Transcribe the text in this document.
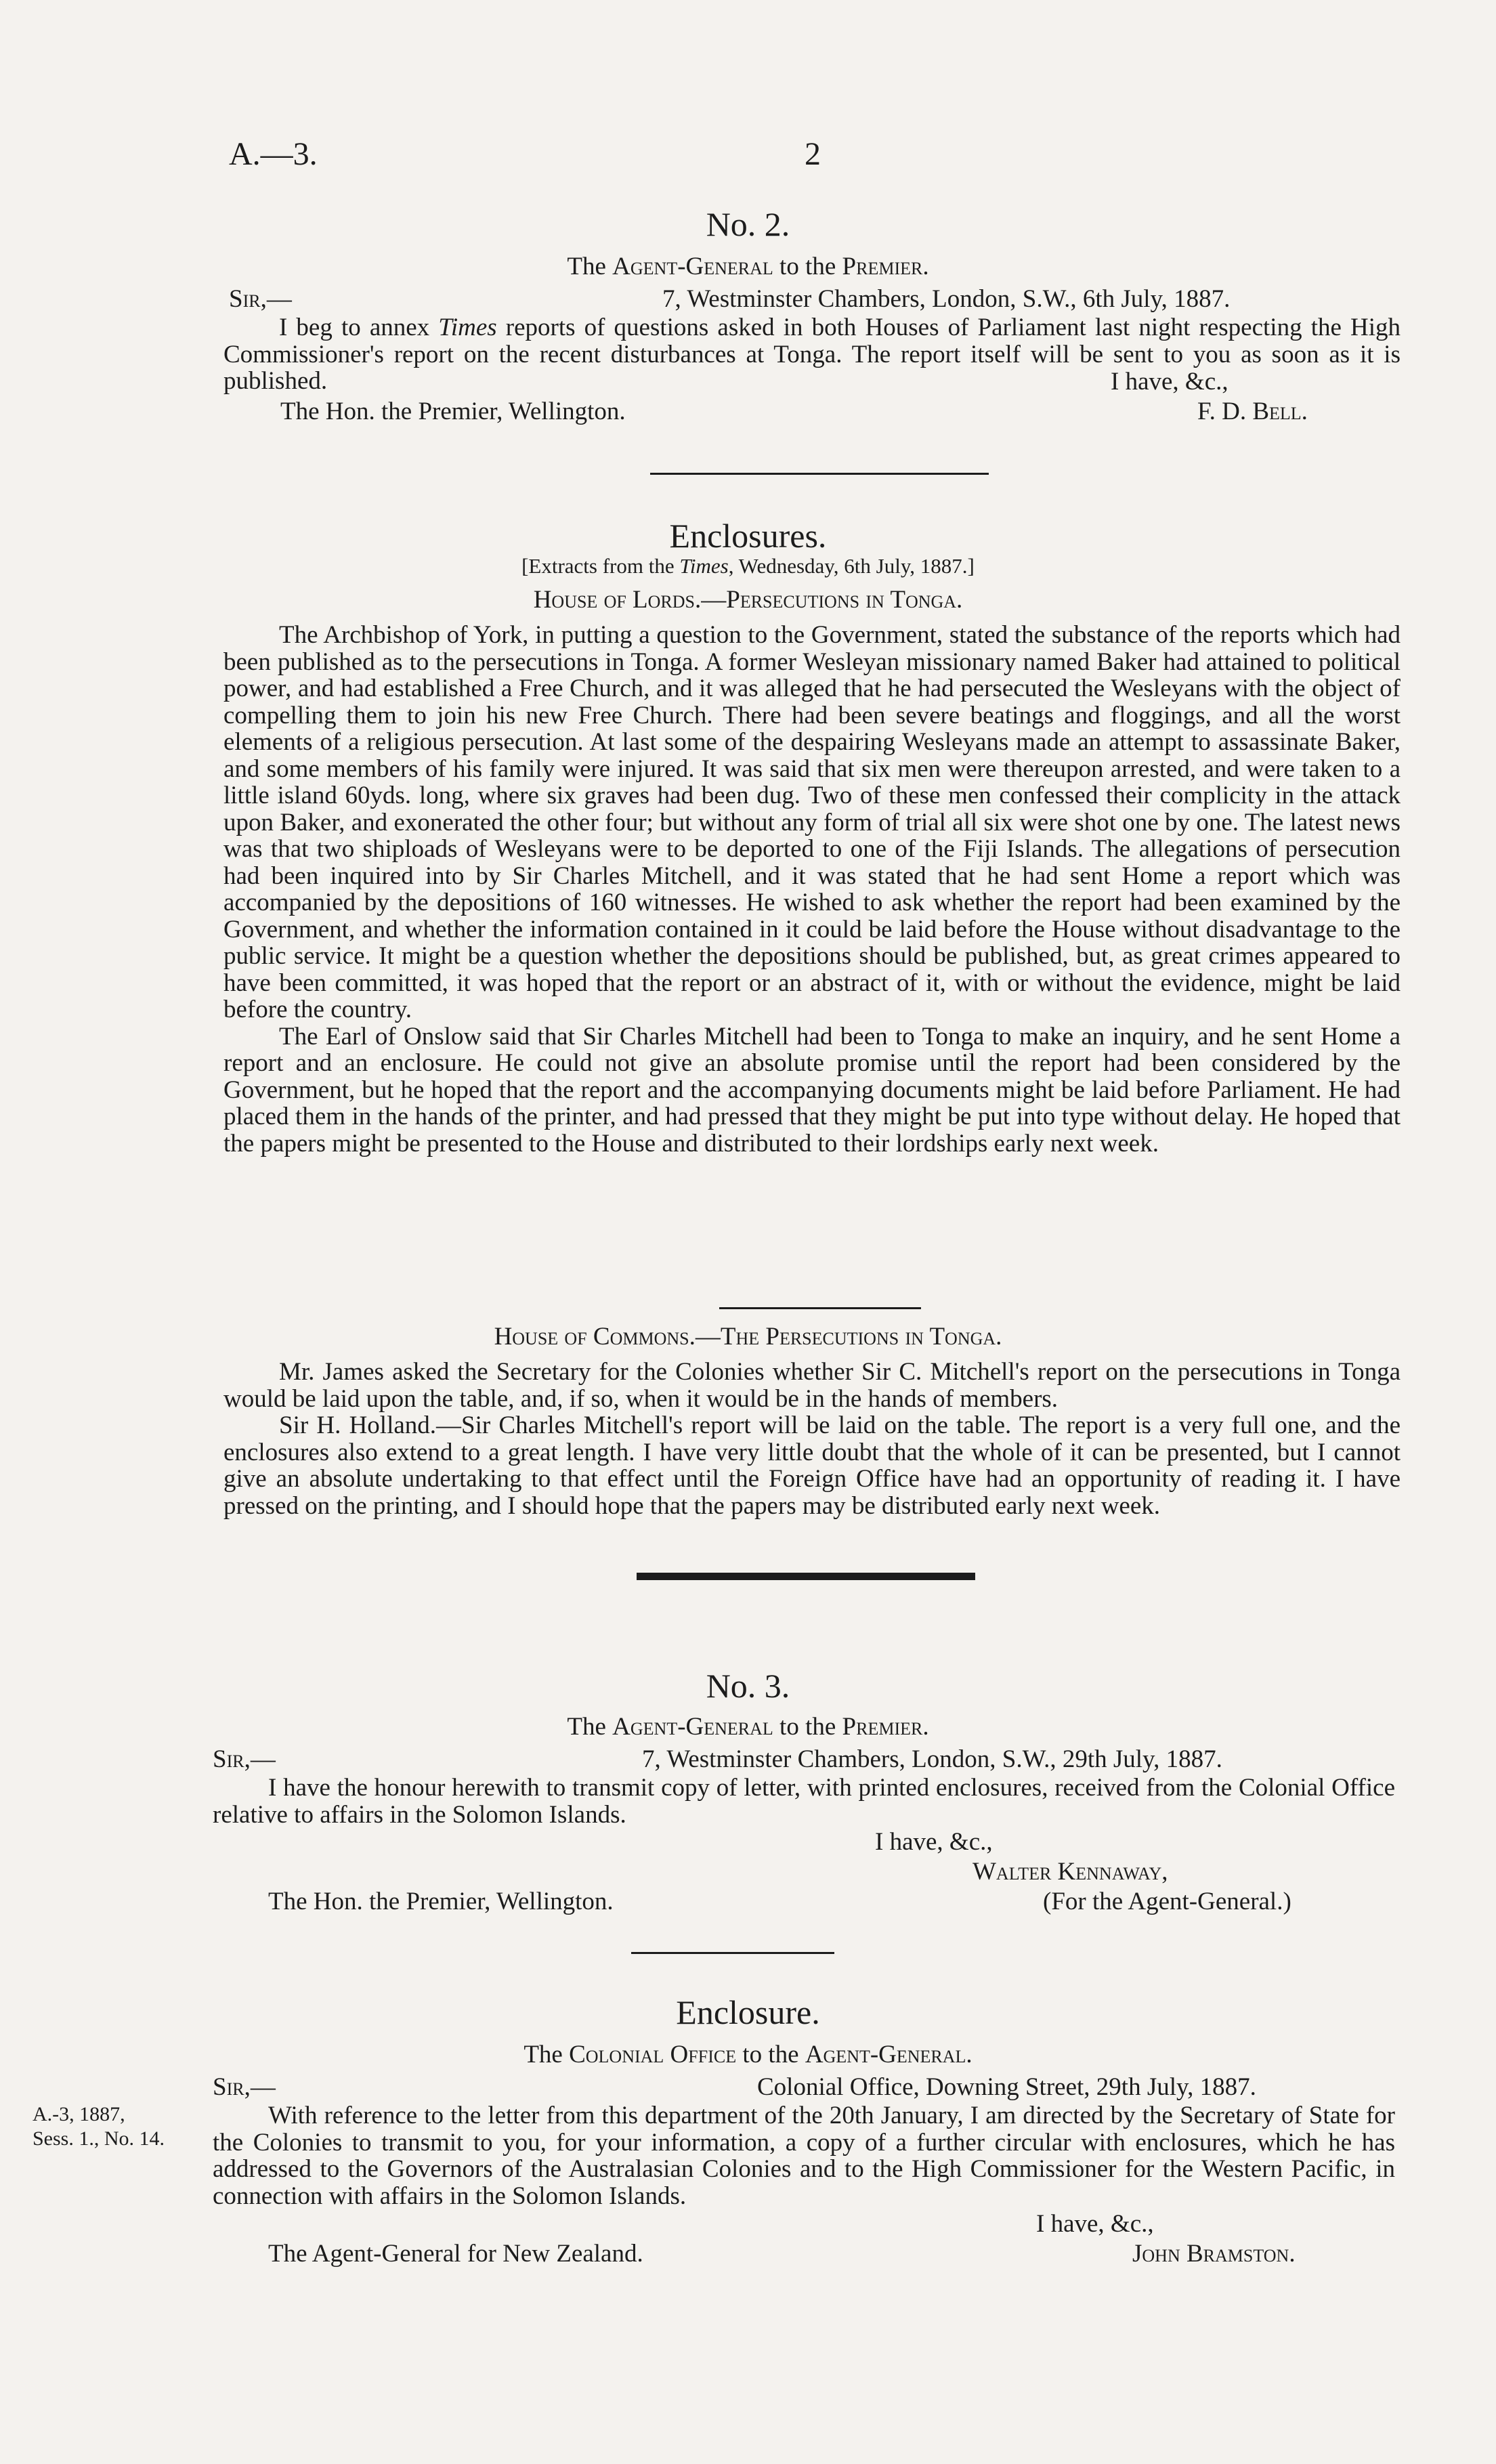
A.—3.	2
No. 2.
The Agent-General to the Premier.
Sir,—	7, Westminster Chambers, London, S.W., 6th July, 1887.

I beg to annex Times reports of questions asked in both Houses of Parliament last night respecting the High Commissioner's report on the recent disturbances at Tonga. The report itself will be sent to you as soon as it is published.	I have, &c.,
The Hon. the Premier, Wellington.	F. D. Bell.
Enclosures.
[Extracts from the Times, Wednesday, 6th July, 1887.]
House of Lords.—Persecutions in Tonga.

The Archbishop of York, in putting a question to the Government, stated the substance of the reports which had been published as to the persecutions in Tonga. A former Wesleyan missionary named Baker had attained to political power, and had established a Free Church, and it was alleged that he had persecuted the Wesleyans with the object of compelling them to join his new Free Church. There had been severe beatings and floggings, and all the worst elements of a religious persecution. At last some of the despairing Wesleyans made an attempt to assassinate Baker, and some members of his family were injured. It was said that six men were thereupon arrested, and were taken to a little island 60yds. long, where six graves had been dug. Two of these men confessed their complicity in the attack upon Baker, and exonerated the other four; but without any form of trial all six were shot one by one. The latest news was that two shiploads of Wesleyans were to be deported to one of the Fiji Islands. The allegations of persecution had been inquired into by Sir Charles Mitchell, and it was stated that he had sent Home a report which was accompanied by the depositions of 160 witnesses. He wished to ask whether the report had been examined by the Government, and whether the information contained in it could be laid before the House without disadvantage to the public service. It might be a question whether the depositions should be published, but, as great crimes appeared to have been committed, it was hoped that the report or an abstract of it, with or without the evidence, might be laid before the country.

The Earl of Onslow said that Sir Charles Mitchell had been to Tonga to make an inquiry, and he sent Home a report and an enclosure. He could not give an absolute promise until the report had been considered by the Government, but he hoped that the report and the accompanying documents might be laid before Parliament. He had placed them in the hands of the printer, and had pressed that they might be put into type without delay. He hoped that the papers might be presented to the House and distributed to their lordships early next week.

House of Commons.—The Persecutions in Tonga.

Mr. James asked the Secretary for the Colonies whether Sir C. Mitchell's report on the persecutions in Tonga would be laid upon the table, and, if so, when it would be in the hands of members.

Sir H. Holland.—Sir Charles Mitchell's report will be laid on the table. The report is a very full one, and the enclosures also extend to a great length. I have very little doubt that the whole of it can be presented, but I cannot give an absolute undertaking to that effect until the Foreign Office have had an opportunity of reading it. I have pressed on the printing, and I should hope that the papers may be distributed early next week.

No. 3.
The Agent-General to the Premier.
Sir,—	7, Westminster Chambers, London, S.W., 29th July, 1887.

I have the honour herewith to transmit copy of letter, with printed enclosures, received from the Colonial Office relative to affairs in the Solomon Islands.

I have, &c.,
Walter Kennaway,
The Hon. the Premier, Wellington.	(For the Agent-General.)
Enclosure.
The Colonial Office to the Agent-General.
Sir,—	Colonial Office, Downing Street, 29th July, 1887.
A.-3, 1887,
Sess. 1., No. 14.

With reference to the letter from this department of the 20th January, I am directed by the Secretary of State for the Colonies to transmit to you, for your information, a copy of a further circular with enclosures, which he has addressed to the Governors of the Australasian Colonies and to the High Commissioner for the Western Pacific, in connection with affairs in the Solomon Islands.

I have, &c.,
The Agent-General for New Zealand.	John Bramston.
